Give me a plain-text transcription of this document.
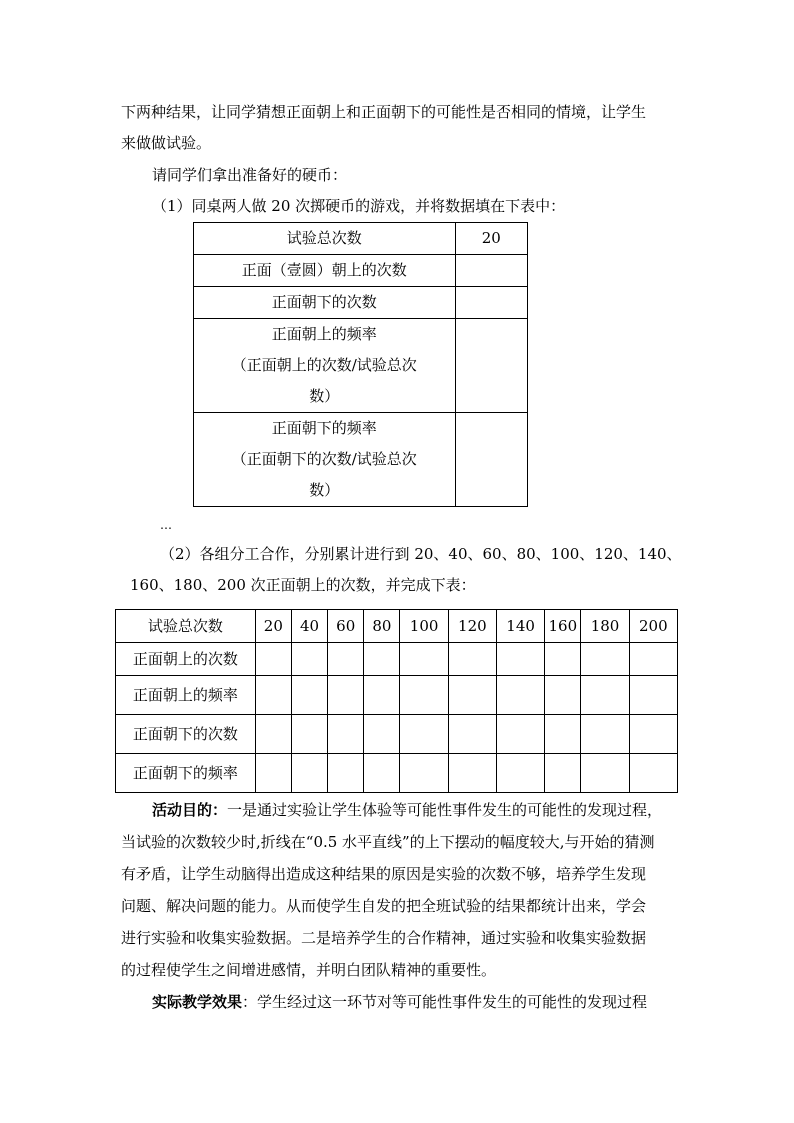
下两种结果，让同学猜想正面朝上和正面朝下的可能性是否相同的情境，让学生
来做做试验。
请同学们拿出准备好的硬币：
（1）同桌两人做 20 次掷硬币的游戏，并将数据填在下表中：
试验总次数	20
正面（壹圆）朝上的次数	
正面朝下的次数	

正面朝上的频率
（正面朝上的次数/试验总次
数）	

正面朝下的频率
（正面朝下的次数/试验总次
数）	

…
（2）各组分工合作，分别累计进行到 20、40、60、80、100、120、140、
160、180、200 次正面朝上的次数，并完成下表：
试验总次数	20	40	60	80	100	120	140	160	180	200
正面朝上的次数										
正面朝上的频率										
正面朝下的次数										
正面朝下的频率										
活动目的：一是通过实验让学生体验等可能性事件发生的可能性的发现过程，
当试验的次数较少时,折线在“0.5 水平直线”的上下摆动的幅度较大,与开始的猜测
有矛盾，让学生动脑得出造成这种结果的原因是实验的次数不够，培养学生发现
问题、解决问题的能力。从而使学生自发的把全班试验的结果都统计出来，学会
进行实验和收集实验数据。二是培养学生的合作精神，通过实验和收集实验数据
的过程使学生之间增进感情，并明白团队精神的重要性。
实际教学效果：学生经过这一环节对等可能性事件发生的可能性的发现过程
